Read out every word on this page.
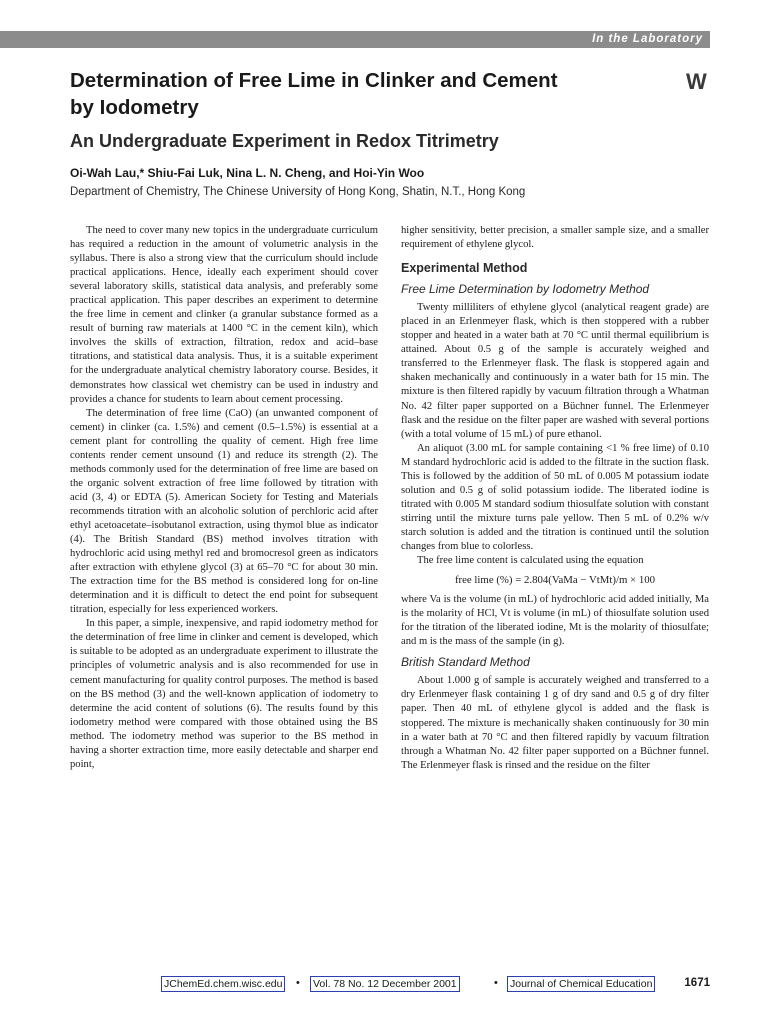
In the Laboratory
Determination of Free Lime in Clinker and Cement
by Iodometry
W
An Undergraduate Experiment in Redox Titrimetry
Oi-Wah Lau,* Shiu-Fai Luk, Nina L. N. Cheng, and Hoi-Yin Woo
Department of Chemistry, The Chinese University of Hong Kong, Shatin, N.T., Hong Kong

The need to cover many new topics in the undergraduate curriculum has required a reduction in the amount of volumetric analysis in the syllabus. There is also a strong view that the curriculum should include practical applications. Hence, ideally each experiment should cover several laboratory skills, statistical data analysis, and preferably some practical application. This paper describes an experiment to determine the free lime in cement and clinker (a granular substance formed as a result of burning raw materials at 1400 °C in the cement kiln), which involves the skills of extraction, filtration, redox and acid–base titrations, and statistical data analysis. Thus, it is a suitable experiment for the undergraduate analytical chemistry laboratory course. Besides, it demonstrates how classical wet chemistry can be used in industry and provides a chance for students to learn about cement processing.

The determination of free lime (CaO) (an unwanted component of cement) in clinker (ca. 1.5%) and cement (0.5–1.5%) is essential at a cement plant for controlling the quality of cement. High free lime contents render cement unsound (1) and reduce its strength (2). The methods commonly used for the determination of free lime are based on the organic solvent extraction of free lime followed by titration with acid (3, 4) or EDTA (5). American Society for Testing and Materials recommends titration with an alcoholic solution of perchloric acid after ethyl acetoacetate–isobutanol extraction, using thymol blue as indicator (4). The British Standard (BS) method involves titration with hydrochloric acid using methyl red and bromocresol green as indicators after extraction with ethylene glycol (3) at 65–70 °C for about 30 min. The extraction time for the BS method is considered long for on-line determination and it is difficult to detect the end point for subsequent titration, especially for less experienced workers.

In this paper, a simple, inexpensive, and rapid iodometry method for the determination of free lime in clinker and cement is developed, which is suitable to be adopted as an undergraduate experiment to illustrate the principles of volumetric analysis and is also recommended for use in cement manufacturing for quality control purposes. The method is based on the BS method (3) and the well-known application of iodometry to determine the acid content of solutions (6). The results found by this iodometry method were compared with those obtained using the BS method. The iodometry method was superior to the BS method in having a shorter extraction time, more easily detectable and sharper end point,

higher sensitivity, better precision, a smaller sample size, and a smaller requirement of ethylene glycol.

Experimental Method
Free Lime Determination by Iodometry Method

Twenty milliliters of ethylene glycol (analytical reagent grade) are placed in an Erlenmeyer flask, which is then stoppered with a rubber stopper and heated in a water bath at 70 °C until thermal equilibrium is attained. About 0.5 g of the sample is accurately weighed and transferred to the Erlenmeyer flask. The flask is stoppered again and shaken mechanically and continuously in a water bath for 15 min. The mixture is then filtered rapidly by vacuum filtration through a Whatman No. 42 filter paper supported on a Büchner funnel. The Erlenmeyer flask and the residue on the filter paper are washed with several portions (with a total volume of 15 mL) of pure ethanol.

An aliquot (3.00 mL for sample containing <1 % free lime) of 0.10 M standard hydrochloric acid is added to the filtrate in the suction flask. This is followed by the addition of 50 mL of 0.005 M potassium iodate solution and 0.5 g of solid potassium iodide. The liberated iodine is titrated with 0.005 M standard sodium thiosulfate solution with constant stirring until the mixture turns pale yellow. Then 5 mL of 0.2% w/v starch solution is added and the titration is continued until the solution changes from blue to colorless.

The free lime content is calculated using the equation

free lime (%) = 2.804(VaMa − VtMt)/m × 100

where Va is the volume (in mL) of hydrochloric acid added initially, Ma is the molarity of HCl, Vt is volume (in mL) of thiosulfate solution used for the titration of the liberated iodine, Mt is the molarity of thiosulfate; and m is the mass of the sample (in g).

British Standard Method

About 1.000 g of sample is accurately weighed and transferred to a dry Erlenmeyer flask containing 1 g of dry sand and 0.5 g of dry filter paper. Then 40 mL of ethylene glycol is added and the flask is stoppered. The mixture is mechanically shaken continuously for 30 min in a water bath at 70 °C and then filtered rapidly by vacuum filtration through a Whatman No. 42 filter paper supported on a Büchner funnel. The Erlenmeyer flask is rinsed and the residue on the filter

JChemEd.chem.wisc.edu • Vol. 78 No. 12 December 2001	• Journal of Chemical Education	1671
